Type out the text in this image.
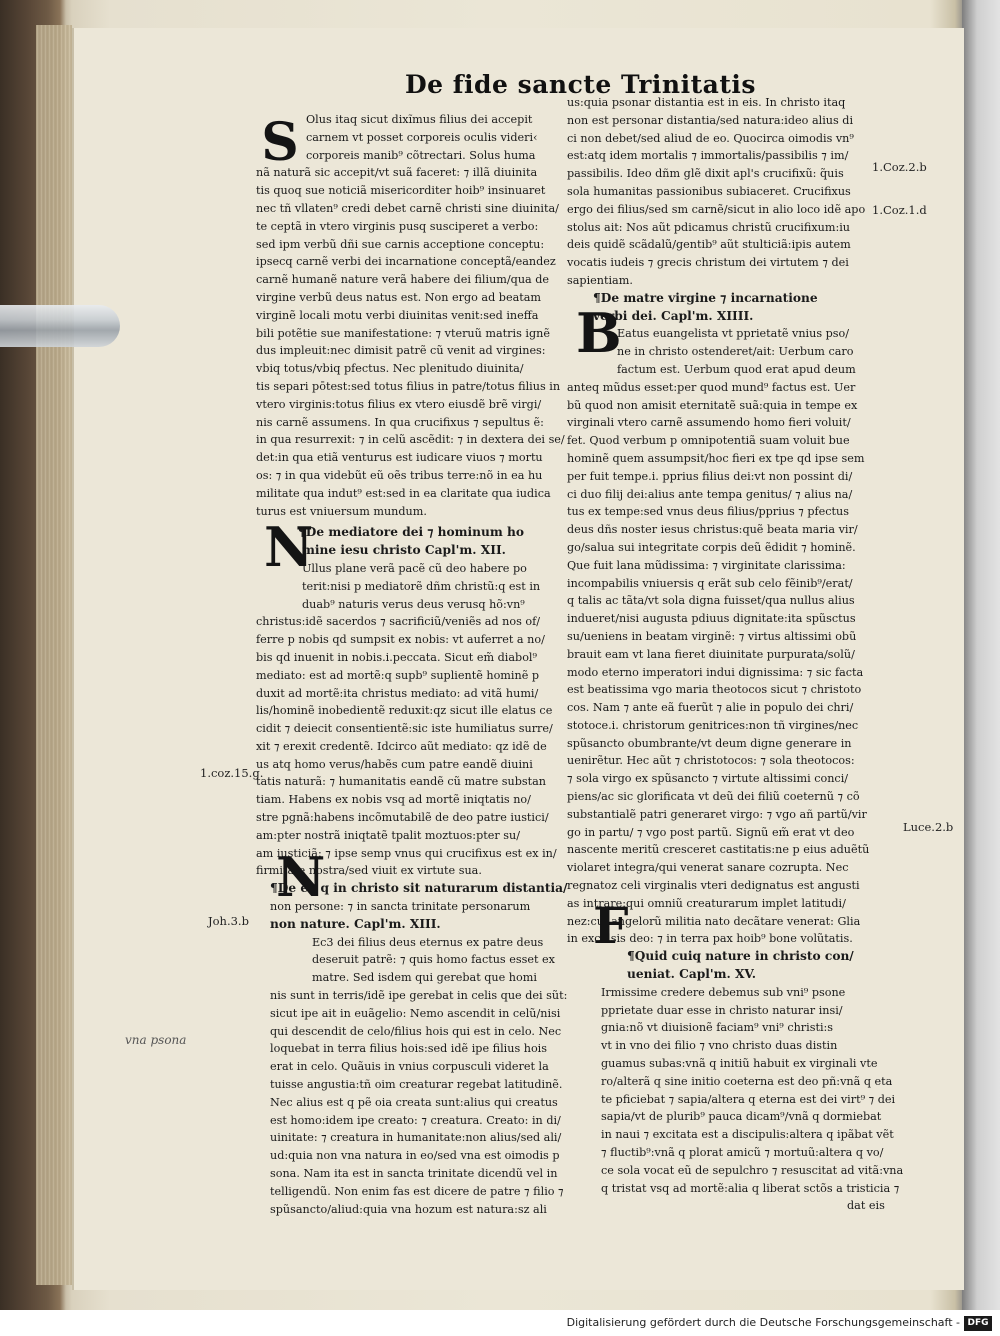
De fide sancte Trinitatis

Olus itaq sicut dixĩmus filius dei accepit

carnem vt posset corporeis oculis videri‹

corporeis manib⁹ cõtrectari. Solus huma

nã naturã sic accepit/vt suã faceret: ⁊ illã diuinita

tis quoq sue noticiã misericorditer hoib⁹ insinuaret

nec tñ vllaten⁹ credi debet carnẽ christi sine diuinita/

te ceptã in vtero virginis pusq susciperet a verbo:

sed ipm verbũ dñi sue carnis acceptione conceptu:

ipsecq carnẽ verbi dei incarnatione conceptã/eandez

carnẽ humanẽ nature verã habere dei filium/qua de

virgine verbũ deus natus est. Non ergo ad beatam

virginẽ locali motu verbi diuinitas venit:sed ineffa

bili potẽtie sue manifestatione: ⁊ vteruũ matris ignẽ

dus impleuit:nec dimisit patrẽ cũ venit ad virgines:

vbiq totus/vbiq pfectus. Nec plenitudo diuinita/

tis separi pōtest:sed totus filius in patre/totus filius in

vtero virginis:totus filius ex vtero eiusdẽ brẽ virgi/

nis carnẽ assumens. In qua crucifixus ⁊ sepultus ẽ:

in qua resurrexit: ⁊ in celũ ascẽdit: ⁊ in dextera dei se/

det:in qua etiã venturus est iudicare viuos ⁊ mortu

os: ⁊ in qua videbũt eũ oẽs tribus terre:nõ in ea hu

militate qua indut⁹ est:sed in ea claritate qua iudica

turus est vniuersum mundum.

¶De mediatore dei ⁊ hominum ho

mine iesu christo Capl'm. XII.

Ullus plane verã pacẽ cũ deo habere po

terit:nisi p mediatorẽ dñm christũ:q est in

duab⁹ naturis verus deus verusq hõ:vn⁹

christus:idẽ sacerdos ⁊ sacrificiũ/veniẽs ad nos of/

ferre p nobis qd sumpsit ex nobis: vt auferret a no/

bis qd inuenit in nobis.i.peccata. Sicut em̃ diabol⁹

mediato: est ad mortẽ:q supb⁹ suplientẽ hominẽ p

duxit ad mortẽ:ita christus mediato: ad vitã humi/

lis/hominẽ inobedientẽ reduxit:qz sicut ille elatus ce

cidit ⁊ deiecit consentientẽ:sic iste humiliatus surre/

xit ⁊ erexit credentẽ. Idcirco aũt mediato: qz idẽ de

us atq homo verus/habẽs cum patre eandẽ diuini

tatis naturã: ⁊ humanitatis eandẽ cũ matre substan

tiam. Habens ex nobis vsq ad mortẽ iniqtatis no/

stre pgnã:habens incõmutabilẽ de deo patre iustici/

am:pter nostrã iniqtatẽ tpalit moztuos:pter su/

am iusticiã: ⁊ ipse semp vnus qui crucifixus est ex in/

firmitate nostra/sed viuit ex virtute sua.

¶De eo q in christo sit naturarum distantia/

non persone: ⁊ in sancta trinitate personarum

non nature. Capl'm. XIII.

Ec3 dei filius deus eternus ex patre deus

deseruit patrẽ: ⁊ quis homo factus esset ex

matre. Sed isdem qui gerebat que homi

nis sunt in terris/idẽ ipe gerebat in celis que dei sũt:

sicut ipe ait in euãgelio: Nemo ascendit in celũ/nisi

qui descendit de celo/filius hois qui est in celo. Nec

loquebat in terra filius hois:sed idẽ ipe filius hois

erat in celo. Quãuis in vnius corpusculi videret la

tuisse angustia:tñ oim creaturar regebat latitudinẽ.

Nec alius est q pẽ oia creata sunt:alius qui creatus

est homo:idem ipe creato: ⁊ creatura. Creato: in di/

uinitate: ⁊ creatura in humanitate:non alius/sed ali/

ud:quia non vna natura in eo/sed vna est oimodis p

sona. Nam ita est in sancta trinitate dicendũ vel in

telligendũ. Non enim fas est dicere de patre ⁊ filio ⁊

spũsancto/aliud:quia vna hozum est natura:sz ali

us:quia psonar distantia est in eis. In christo itaq

non est personar distantia/sed natura:ideo alius di

ci non debet/sed aliud de eo. Quocirca oimodis vn⁹

est:atq idem mortalis ⁊ immortalis/passibilis ⁊ im/

passibilis. Ideo dñm glẽ dixit apl's crucifixũ: q̃uis

sola humanitas passionibus subiaceret. Crucifixus

ergo dei filius/sed sm carnẽ/sicut in alio loco idẽ apo

stolus ait: Nos aũt pdicamus christũ crucifixum:iu

deis quidẽ scãdalũ/gentib⁹ aũt stulticiã:ipis autem

vocatis iudeis ⁊ grecis christum dei virtutem ⁊ dei

sapientiam.

¶De matre virgine ⁊ incarnatione

verbi dei. Capl'm. XIIII.

Eatus euangelista vt pprietatẽ vnius pso/

ne in christo ostenderet/ait: Uerbum caro

factum est. Uerbum quod erat apud deum

anteq mũdus esset:per quod mund⁹ factus est. Uer

bũ quod non amisit eternitatẽ suã:quia in tempe ex

virginali vtero carnẽ assumendo homo fieri voluit/

fet. Quod verbum p omnipotentiã suam voluit bue

hominẽ quem assumpsit/hoc fieri ex tpe qd ipse sem

per fuit tempe.i. pprius filius dei:vt non possint di/

ci duo filij dei:alius ante tempa genitus/ ⁊ alius na/

tus ex tempe:sed vnus deus filius/pprius ⁊ pfectus

deus dñs noster iesus christus:quẽ beata maria vir/

go/salua sui integritate corpis deũ ẽdidit ⁊ hominẽ.

Que fuit lana mũdissima: ⁊ virginitate clarissima:

incompabilis vniuersis q erãt sub celo fẽinib⁹/erat/

q talis ac tãta/vt sola digna fuisset/qua nullus alius

indueret/nisi augusta pdiuus dignitate:ita spũsctus

su/ueniens in beatam virginẽ: ⁊ virtus altissimi obũ

brauit eam vt lana fieret diuinitate purpurata/solũ/

modo eterno imperatori indui dignissima: ⁊ sic facta

est beatissima vgo maria theotocos sicut ⁊ christoto

cos. Nam ⁊ ante eã fuerũt ⁊ alie in populo dei chri/

stotoce.i. christorum genitrices:non tñ virgines/nec

spũsancto obumbrante/vt deum digne generare in

uenirẽtur. Hec aũt ⁊ christotocos: ⁊ sola theotocos:

⁊ sola virgo ex spũsancto ⁊ virtute altissimi conci/

piens/ac sic glorificata vt deũ dei filiũ coeternũ ⁊ cõ

substantialẽ patri generaret virgo: ⁊ vgo añ partũ/vir

go in partu/ ⁊ vgo post partũ. Signũ em̃ erat vt deo

nascente meritũ cresceret castitatis:ne p eius aduẽtũ

violaret integra/qui venerat sanare cozrupta. Nec

regnatoz celi virginalis vteri dedignatus est angusti

as intrare:qui omniũ creaturarum implet latitudi/

nez:cui angelorũ militia nato decãtare venerat: Glia

in excelsis deo: ⁊ in terra pax hoib⁹ bone volũtatis.

¶Quid cuiq nature in christo con/

ueniat. Capl'm. XV.

Irmissime credere debemus sub vni⁹ psone

pprietate duar esse in christo naturar insi/

gnia:nõ vt diuisionẽ faciam⁹ vni⁹ christi:s

vt in vno dei filio ⁊ vno christo duas distin

guamus subas:vnã q initiũ habuit ex virginali vte

ro/alterã q sine initio coeterna est deo pñ:vnã q eta

te pficiebat ⁊ sapia/altera q eterna est dei virt⁹ ⁊ dei

sapia/vt de plurib⁹ pauca dicam⁹/vnã q dormiebat

in naui ⁊ excitata est a discipulis:altera q ipãbat vẽt

⁊ fluctib⁹:vnã q plorat amicũ ⁊ mortuũ:altera q vo/

ce sola vocat eũ de sepulchro ⁊ resuscitat ad vitã:vna

q tristat vsq ad mortẽ:alia q liberat sctõs a tristicia ⁊

dat eis

S
N
N
B
F
1.Coz.2.b
1.Coz.1.d
1.coz.15.g.
Luce.2.b
Joh.3.b
vna psona
Digitalisierung gefördert durch die Deutsche Forschungsgemeinschaft - DFG
